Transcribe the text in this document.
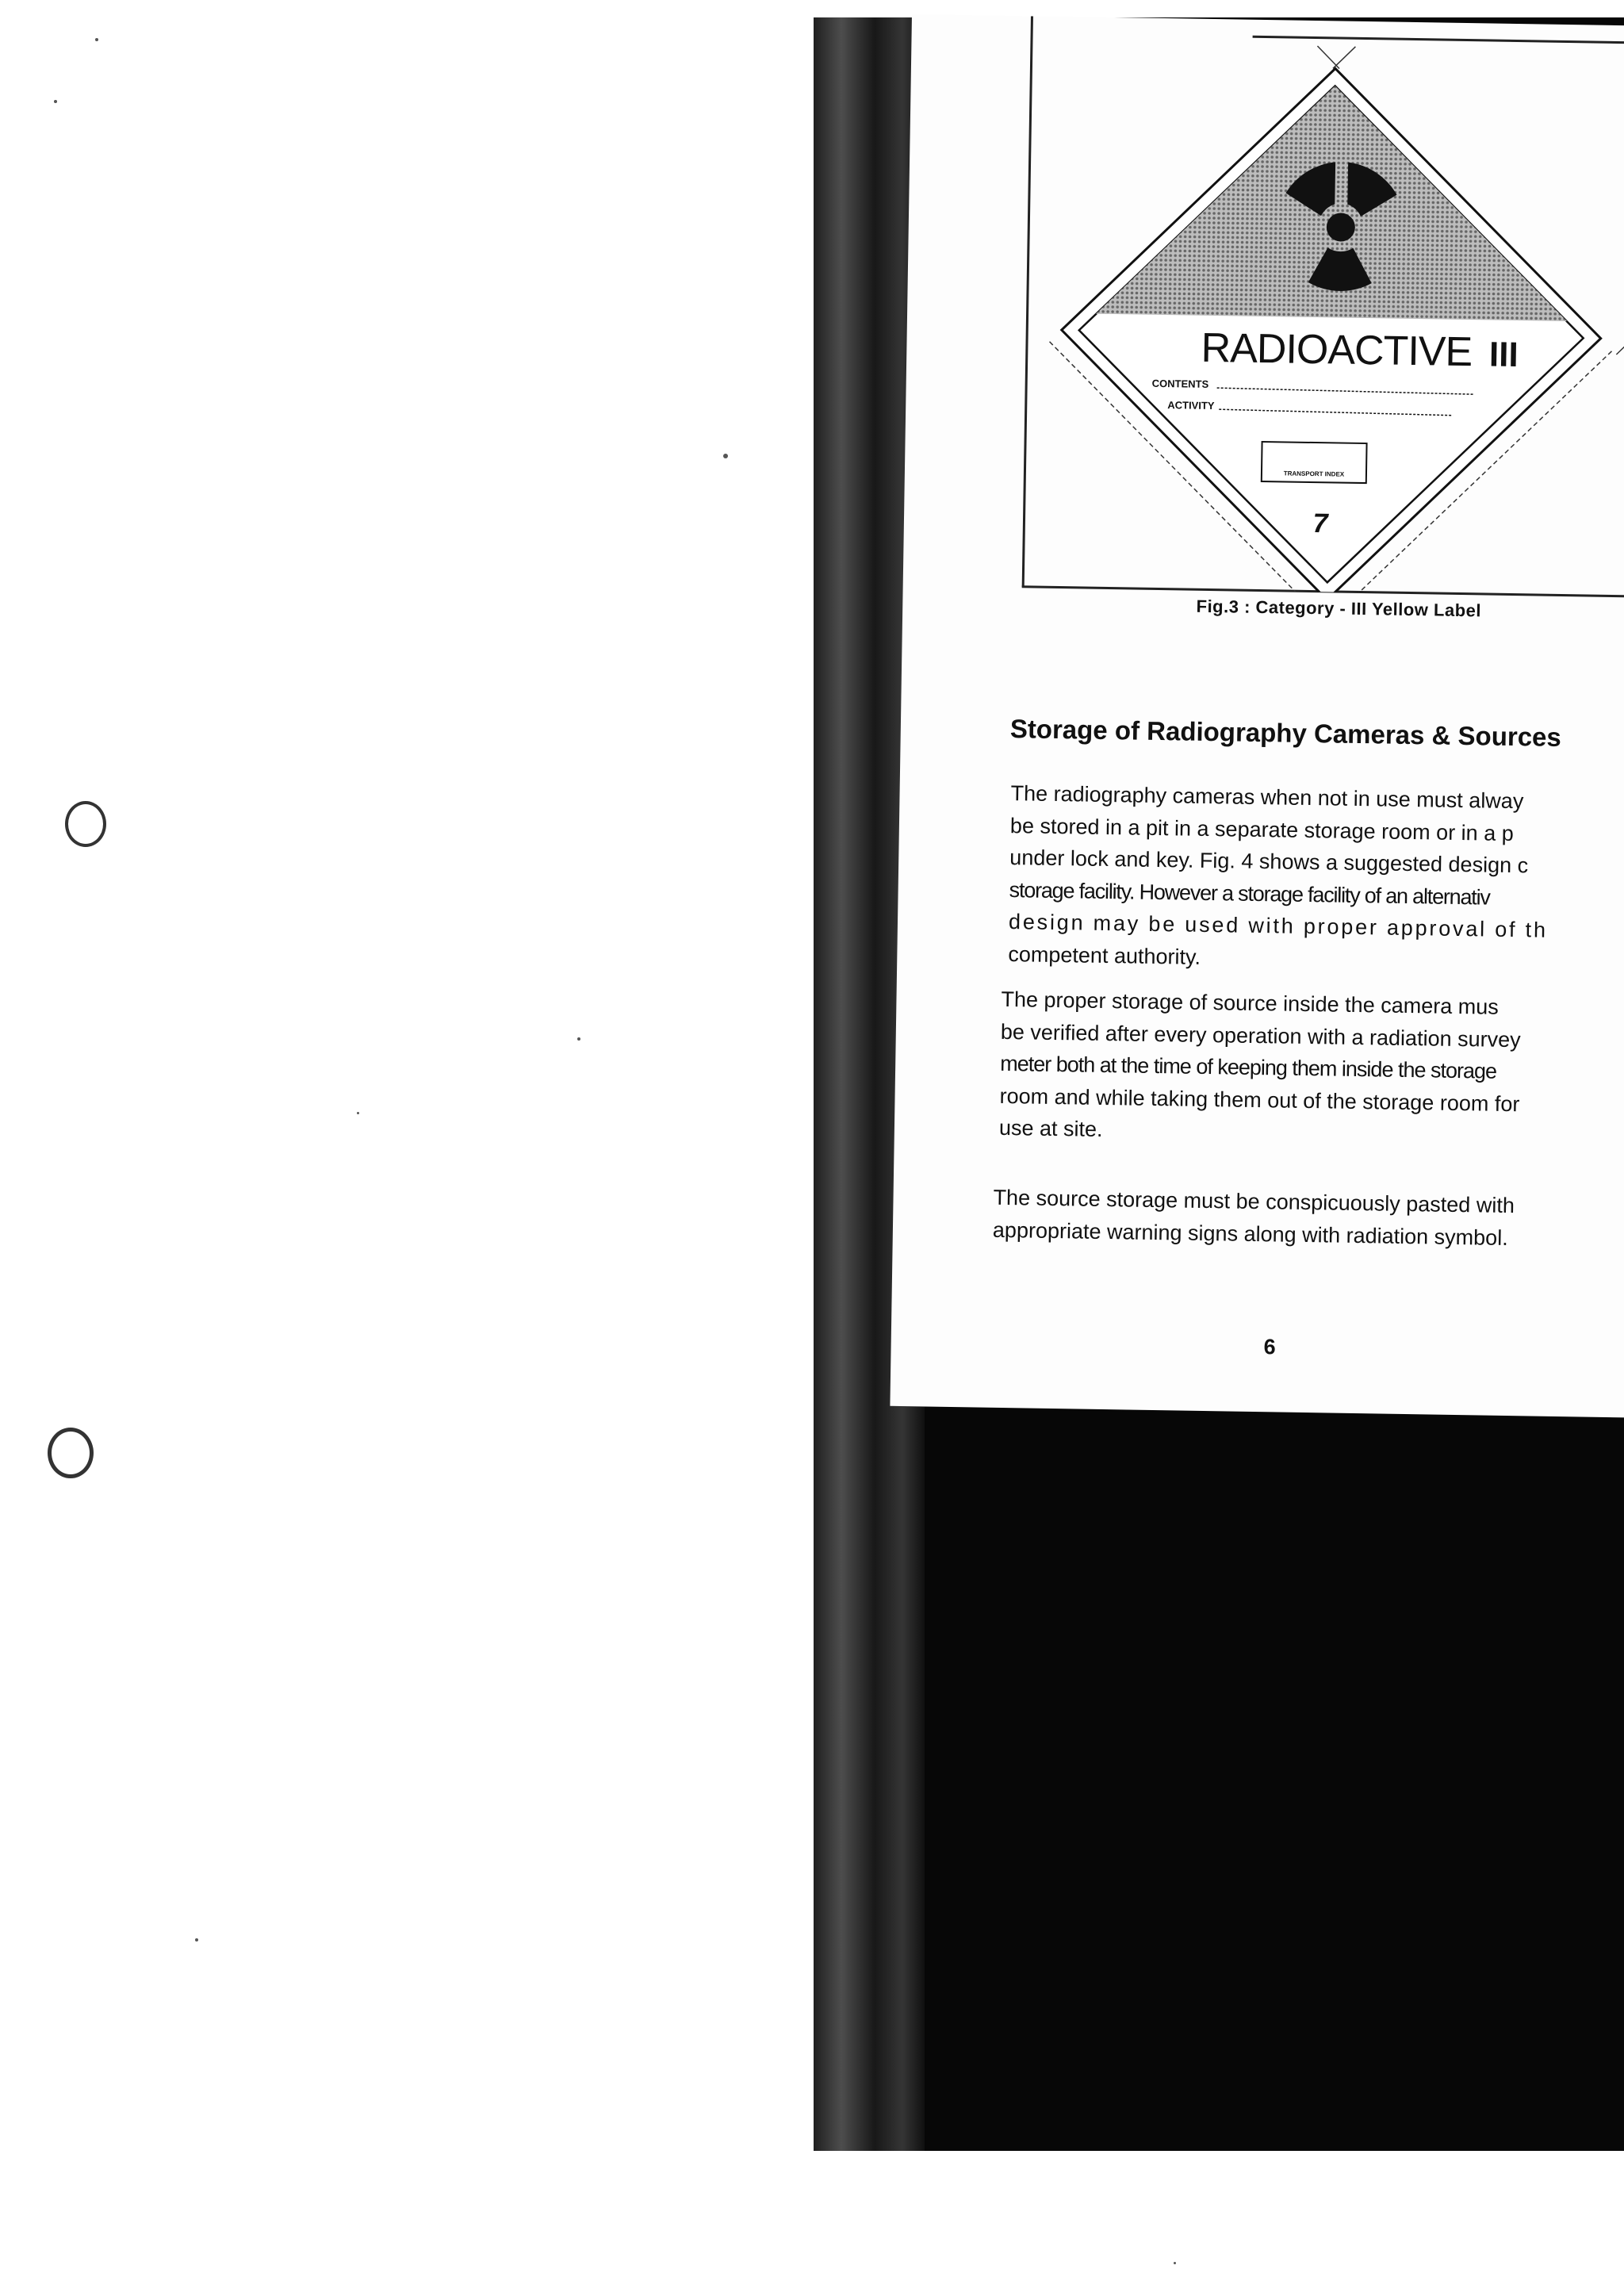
RADIOACTIVE III
CONTENTS
ACTIVITY
TRANSPORT INDEX
7
Fig.3 : Category - III Yellow Label
Storage of Radiography Cameras & Sources
The radiography cameras when not in use must alway
be stored in a pit in a separate storage room or in a p
under lock and key. Fig. 4 shows a suggested design c
storage facility. However a storage facility of an alternativ
design may be used with proper approval of th
competent authority.
The proper storage of source inside the camera mus
be verified after every operation with a radiation survey
meter both at the time of keeping them inside the storage
room and while taking them out of the storage room for
use at site.
The source storage must be conspicuously pasted with
appropriate warning signs along with radiation symbol.
6
